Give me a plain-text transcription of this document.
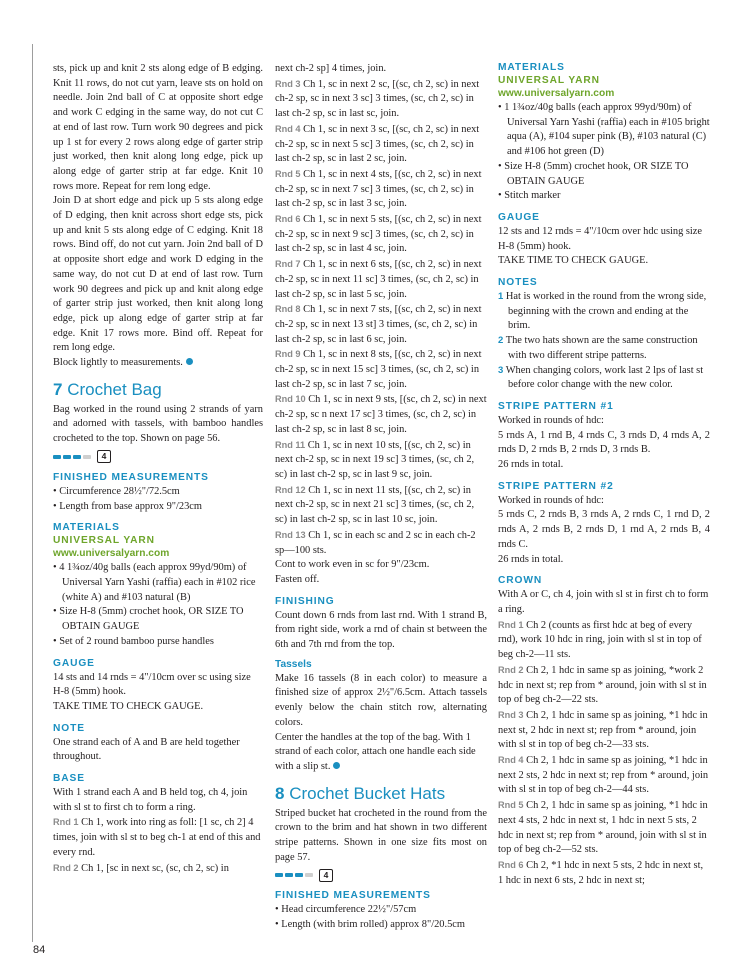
sts, pick up and knit 2 sts along edge of B edging. Knit 11 rows, do not cut yarn, leave sts on hold on needle. Join 2nd ball of C at opposite short edge and work C edging in the same way, do not cut C at end of last row. Turn work 90 degrees and pick up 1 st for every 2 rows along edge of garter strip just worked, then knit along long edge, pick up along edge of garter strip at far edge. Knit 10 rows more. Repeat for rem long edge.

Join D at short edge and pick up 5 sts along edge of D edging, then knit across short edge sts, pick up and knit 5 sts along edge of C edging. Knit 18 rows. Bind off, do not cut yarn. Join 2nd ball of D at opposite short edge and work D edging in the same way, do not cut D at end of last row. Turn work 90 degrees and pick up and knit along edge of garter strip just worked, then knit along long edge, pick up along edge of garter strip at far edge. Knit 17 rows more. Bind off. Repeat for rem long edge.

Block lightly to measurements.

7 Crochet Bag

Bag worked in the round using 2 strands of yarn and adorned with tassels, with bamboo handles crocheted to the top. Shown on page 56.

4
FINISHED MEASUREMENTS

• Circumference 28½"/72.5cm

• Length from base approx 9"/23cm

MATERIALS
UNIVERSAL YARN
www.universalyarn.com

• 4 1¾oz/40g balls (each approx 99yd/90m) of Universal Yarn Yashi (raffia) each in #102 rice (white A) and #103 natural (B)

• Size H-8 (5mm) crochet hook, OR SIZE TO OBTAIN GAUGE

• Set of 2 round bamboo purse handles

GAUGE

14 sts and 14 rnds = 4"/10cm over sc using size H-8 (5mm) hook.

TAKE TIME TO CHECK GAUGE.

NOTE

One strand each of A and B are held together throughout.

BASE

With 1 strand each A and B held tog, ch 4, join with sl st to first ch to form a ring.

Rnd 1 Ch 1, work into ring as foll: [1 sc, ch 2] 4 times, join with sl st to beg ch-1 at end of this and every rnd.

Rnd 2 Ch 1, [sc in next sc, (sc, ch 2, sc) in

next ch-2 sp] 4 times, join.

Rnd 3 Ch 1, sc in next 2 sc, [(sc, ch 2, sc) in next ch-2 sp, sc in next 3 sc] 3 times, (sc, ch 2, sc) in last ch-2 sp, sc in last sc, join.

Rnd 4 Ch 1, sc in next 3 sc, [(sc, ch 2, sc) in next ch-2 sp, sc in next 5 sc] 3 times, (sc, ch 2, sc) in last ch-2 sp, sc in last 2 sc, join.

Rnd 5 Ch 1, sc in next 4 sts, [(sc, ch 2, sc) in next ch-2 sp, sc in next 7 sc] 3 times, (sc, ch 2, sc) in last ch-2 sp, sc in last 3 sc, join.

Rnd 6 Ch 1, sc in next 5 sts, [(sc, ch 2, sc) in next ch-2 sp, sc in next 9 sc] 3 times, (sc, ch 2, sc) in last ch-2 sp, sc in last 4 sc, join.

Rnd 7 Ch 1, sc in next 6 sts, [(sc, ch 2, sc) in next ch-2 sp, sc in next 11 sc] 3 times, (sc, ch 2, sc) in last ch-2 sp, sc in last 5 sc, join.

Rnd 8 Ch 1, sc in next 7 sts, [(sc, ch 2, sc) in next ch-2 sp, sc in next 13 st] 3 times, (sc, ch 2, sc) in last ch-2 sp, sc in last 6 sc, join.

Rnd 9 Ch 1, sc in next 8 sts, [(sc, ch 2, sc) in next ch-2 sp, sc in next 15 sc] 3 times, (sc, ch 2, sc) in last ch-2 sp, sc in last 7 sc, join.

Rnd 10 Ch 1, sc in next 9 sts, [(sc, ch 2, sc) in next ch-2 sp, sc n next 17 sc] 3 times, (sc, ch 2, sc) in last ch-2 sp, sc in last 8 sc, join.

Rnd 11 Ch 1, sc in next 10 sts, [(sc, ch 2, sc) in next ch-2 sp, sc in next 19 sc] 3 times, (sc, ch 2, sc) in last ch-2 sp, sc in last 9 sc, join.

Rnd 12 Ch 1, sc in next 11 sts, [(sc, ch 2, sc) in next ch-2 sp, sc in next 21 sc] 3 times, (sc, ch 2, sc) in last ch-2 sp, sc in last 10 sc, join.

Rnd 13 Ch 1, sc in each sc and 2 sc in each ch-2 sp—100 sts.

Cont to work even in sc for 9"/23cm.

Fasten off.

FINISHING

Count down 6 rnds from last rnd. With 1 strand B, from right side, work a rnd of chain st between the 6th and 7th rnd from the top.

Tassels

Make 16 tassels (8 in each color) to measure a finished size of approx 2½"/6.5cm. Attach tassels evenly below the chain stitch row, alternating colors.

Center the handles at the top of the bag. With 1 strand of each color, attach one handle each side with a slip st.

8 Crochet Bucket Hats

Striped bucket hat crocheted in the round from the crown to the brim and hat shown in two different stripe patterns. Shown in one size fits most on page 57.

4
FINISHED MEASUREMENTS

• Head circumference 22½"/57cm

• Length (with brim rolled) approx 8"/20.5cm

MATERIALS
UNIVERSAL YARN
www.universalyarn.com

• 1 1¾oz/40g balls (each approx 99yd/90m) of Universal Yarn Yashi (raffia) each in #105 bright aqua (A), #104 super pink (B), #103 natural (C) and #106 hot green (D)

• Size H-8 (5mm) crochet hook, OR SIZE TO OBTAIN GAUGE

• Stitch marker

GAUGE

12 sts and 12 rnds = 4"/10cm over hdc using size H-8 (5mm) hook.

TAKE TIME TO CHECK GAUGE.

NOTES

1 Hat is worked in the round from the wrong side, beginning with the crown and ending at the brim.

2 The two hats shown are the same construction with two different stripe patterns.

3 When changing colors, work last 2 lps of last st before color change with the new color.

STRIPE PATTERN #1

Worked in rounds of hdc:

5 rnds A, 1 rnd B, 4 rnds C, 3 rnds D, 4 rnds A, 2 rnds D, 2 rnds B, 2 rnds D, 3 rnds B.

26 rnds in total.

STRIPE PATTERN #2

Worked in rounds of hdc:

5 rnds C, 2 rnds B, 3 rnds A, 2 rnds C, 1 rnd D, 2 rnds A, 2 rnds B, 2 rnds D, 1 rnd A, 2 rnds B, 4 rnds C.

26 rnds in total.

CROWN

With A or C, ch 4, join with sl st in first ch to form a ring.

Rnd 1 Ch 2 (counts as first hdc at beg of every rnd), work 10 hdc in ring, join with sl st in top of beg ch-2—11 sts.

Rnd 2 Ch 2, 1 hdc in same sp as joining, *work 2 hdc in next st; rep from * around, join with sl st in top of beg ch-2—22 sts.

Rnd 3 Ch 2, 1 hdc in same sp as joining, *1 hdc in next st, 2 hdc in next st; rep from * around, join with sl st in top of beg ch-2—33 sts.

Rnd 4 Ch 2, 1 hdc in same sp as joining, *1 hdc in next 2 sts, 2 hdc in next st; rep from * around, join with sl st in top of beg ch-2—44 sts.

Rnd 5 Ch 2, 1 hdc in same sp as joining, *1 hdc in next 4 sts, 2 hdc in next st, 1 hdc in next 5 sts, 2 hdc in next st; rep from * around, join with sl st in top of beg ch-2—52 sts.

Rnd 6 Ch 2, *1 hdc in next 5 sts, 2 hdc in next st, 1 hdc in next 6 sts, 2 hdc in next st;

84
